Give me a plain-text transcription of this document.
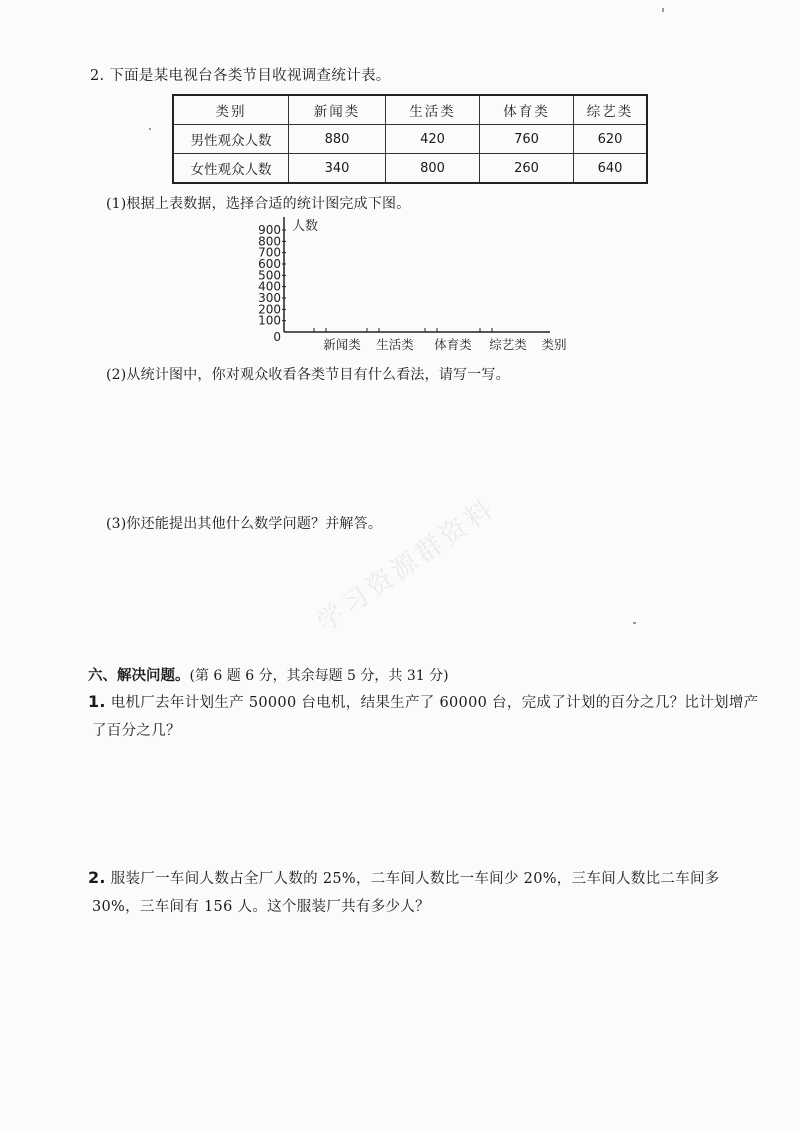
2. 下面是某电视台各类节目收视调查统计表。
类别	新闻类	生活类	体育类	综艺类
男性观众人数	880	420	760	620
女性观众人数	340	800	260	640
(1)根据上表数据，选择合适的统计图完成下图。
900
800
700
600
500
400
300
200
100
0
人数
新闻类 生活类 体育类 综艺类 类别
(2)从统计图中，你对观众收看各类节目有什么看法，请写一写。
(3)你还能提出其他什么数学问题？并解答。
学习资源群资料
六、解决问题。(第 6 题 6 分，其余每题 5 分，共 31 分)
1. 电机厂去年计划生产 50000 台电机，结果生产了 60000 台，完成了计划的百分之几？比计划增产
了百分之几？
2. 服装厂一车间人数占全厂人数的 25%，二车间人数比一车间少 20%，三车间人数比二车间多
30%，三车间有 156 人。这个服装厂共有多少人？
